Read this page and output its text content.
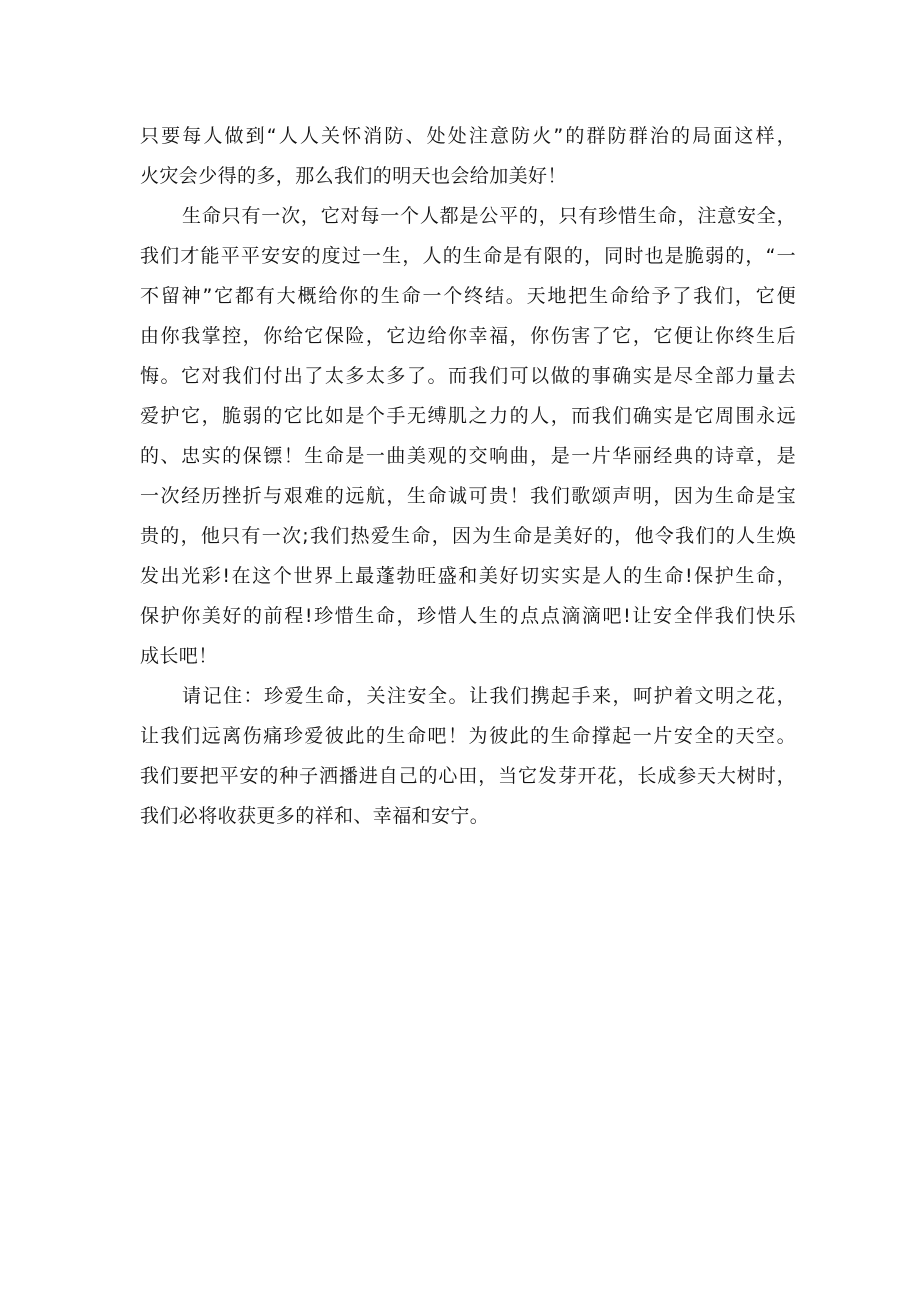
只要每人做到“人人关怀消防、处处注意防火”的群防群治的局面这样，
火灾会少得的多，那么我们的明天也会给加美好！
生命只有一次，它对每一个人都是公平的，只有珍惜生命，注意安全，
我们才能平平安安的度过一生，人的生命是有限的，同时也是脆弱的，“一
不留神”它都有大概给你的生命一个终结。天地把生命给予了我们，它便
由你我掌控，你给它保险，它边给你幸福，你伤害了它，它便让你终生后
悔。它对我们付出了太多太多了。而我们可以做的事确实是尽全部力量去
爱护它，脆弱的它比如是个手无缚肌之力的人，而我们确实是它周围永远
的、忠实的保镖！生命是一曲美观的交响曲，是一片华丽经典的诗章，是
一次经历挫折与艰难的远航，生命诚可贵！我们歌颂声明，因为生命是宝
贵的，他只有一次;我们热爱生命，因为生命是美好的，他令我们的人生焕
发出光彩!在这个世界上最蓬勃旺盛和美好切实实是人的生命!保护生命，
保护你美好的前程!珍惜生命，珍惜人生的点点滴滴吧!让安全伴我们快乐
成长吧！
请记住：珍爱生命，关注安全。让我们携起手来，呵护着文明之花，
让我们远离伤痛珍爱彼此的生命吧！为彼此的生命撑起一片安全的天空。
我们要把平安的种子洒播进自己的心田，当它发芽开花，长成参天大树时，
我们必将收获更多的祥和、幸福和安宁。
